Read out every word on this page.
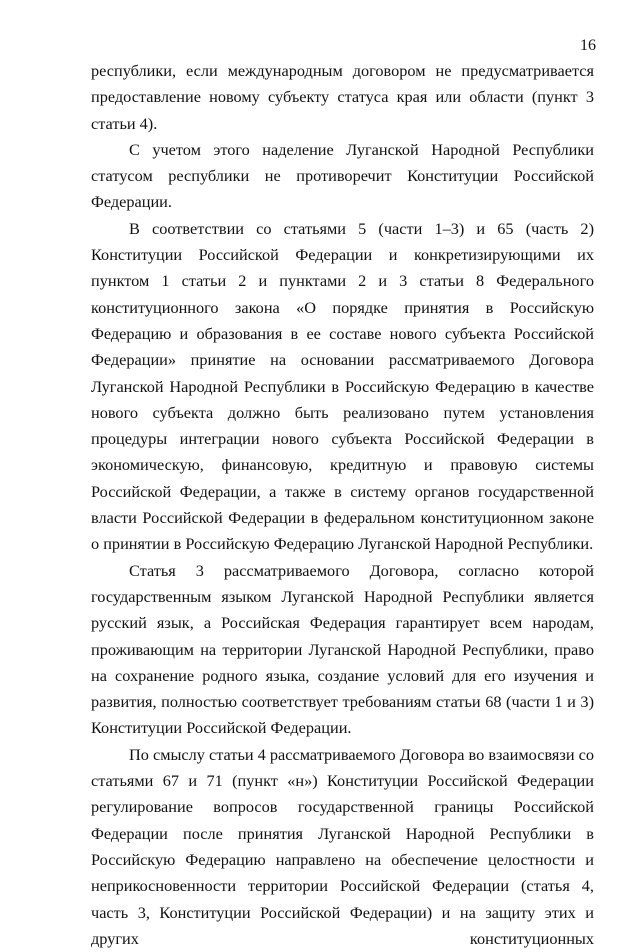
16

республики, если международным договором не предусматривается предоставление новому субъекту статуса края или области (пункт 3 статьи 4).

С учетом этого наделение Луганской Народной Республики статусом республики не противоречит Конституции Российской Федерации.

В соответствии со статьями 5 (части 1–3) и 65 (часть 2) Конституции Российской Федерации и конкретизирующими их пунктом 1 статьи 2 и пунктами 2 и 3 статьи 8 Федерального конституционного закона «О порядке принятия в Российскую Федерацию и образования в ее составе нового субъекта Российской Федерации» принятие на основании рассматриваемого Договора Луганской Народной Республики в Российскую Федерацию в качестве нового субъекта должно быть реализовано путем установления процедуры интеграции нового субъекта Российской Федерации в экономическую, финансовую, кредитную и правовую системы Российской Федерации, а также в систему органов государственной власти Российской Федерации в федеральном конституционном законе о принятии в Российскую Федерацию Луганской Народной Республики.

Статья 3 рассматриваемого Договора, согласно которой государственным языком Луганской Народной Республики является русский язык, а Российская Федерация гарантирует всем народам, проживающим на территории Луганской Народной Республики, право на сохранение родного языка, создание условий для его изучения и развития, полностью соответствует требованиям статьи 68 (части 1 и 3) Конституции Российской Федерации.

По смыслу статьи 4 рассматриваемого Договора во взаимосвязи со статьями 67 и 71 (пункт «н») Конституции Российской Федерации регулирование вопросов государственной границы Российской Федерации после принятия Луганской Народной Республики в Российскую Федерацию направлено на обеспечение целостности и неприкосновенности территории Российской Федерации (статья 4, часть 3, Конституции Российской Федерации) и на защиту этих и других конституционных
